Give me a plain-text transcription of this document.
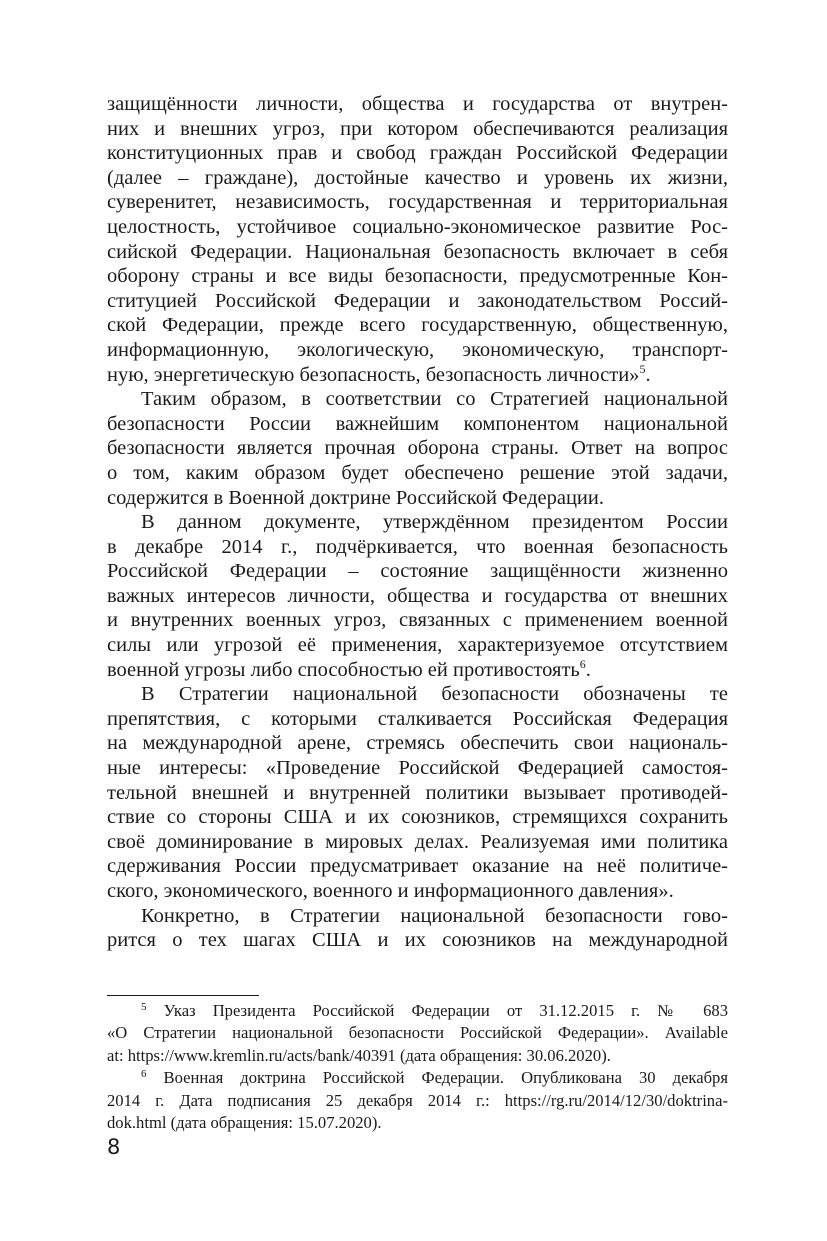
защищённости личности, общества и государства от внутрен-
них и внешних угроз, при котором обеспечиваются реализация
конституционных прав и свобод граждан Российской Федерации
(далее – граждане), достойные качество и уровень их жизни,
суверенитет, независимость, государственная и территориальная
целостность, устойчивое социально-экономическое развитие Рос-
сийской Федерации. Национальная безопасность включает в себя
оборону страны и все виды безопасности, предусмотренные Кон-
ституцией Российской Федерации и законодательством Россий-
ской Федерации, прежде всего государственную, общественную,
информационную, экологическую, экономическую, транспорт-
ную, энергетическую безопасность, безопасность личности»$^5$.
Таким образом, в соответствии со Стратегией национальной
безопасности России важнейшим компонентом национальной
безопасности является прочная оборона страны. Ответ на вопрос
о том, каким образом будет обеспечено решение этой задачи,
содержится в Военной доктрине Российской Федерации.
В данном документе, утверждённом президентом России
в декабре 2014 г., подчёркивается, что военная безопасность
Российской Федерации – состояние защищённости жизненно
важных интересов личности, общества и государства от внешних
и внутренних военных угроз, связанных с применением военной
силы или угрозой её применения, характеризуемое отсутствием
военной угрозы либо способностью ей противостоять$^6$.
В Стратегии национальной безопасности обозначены те
препятствия, с которыми сталкивается Российская Федерация
на международной арене, стремясь обеспечить свои националь-
ные интересы: «Проведение Российской Федерацией самостоя-
тельной внешней и внутренней политики вызывает противодей-
ствие со стороны США и их союзников, стремящихся сохранить
своё доминирование в мировых делах. Реализуемая ими политика
сдерживания России предусматривает оказание на неё политиче-
ского, экономического, военного и информационного давления».
Конкретно, в Стратегии национальной безопасности гово-
рится о тех шагах США и их союзников на международной
$^5$ Указ Президента Российской Федерации от 31.12.2015 г. № 683
«О Стратегии национальной безопасности Российской Федерации». Available
at: https://www.kremlin.ru/acts/bank/40391 (дата обращения: 30.06.2020).
$^6$ Военная доктрина Российской Федерации. Опубликована 30 декабря
2014 г. Дата подписания 25 декабря 2014 г.: https://rg.ru/2014/12/30/doktrina-
dok.html (дата обращения: 15.07.2020).
8
